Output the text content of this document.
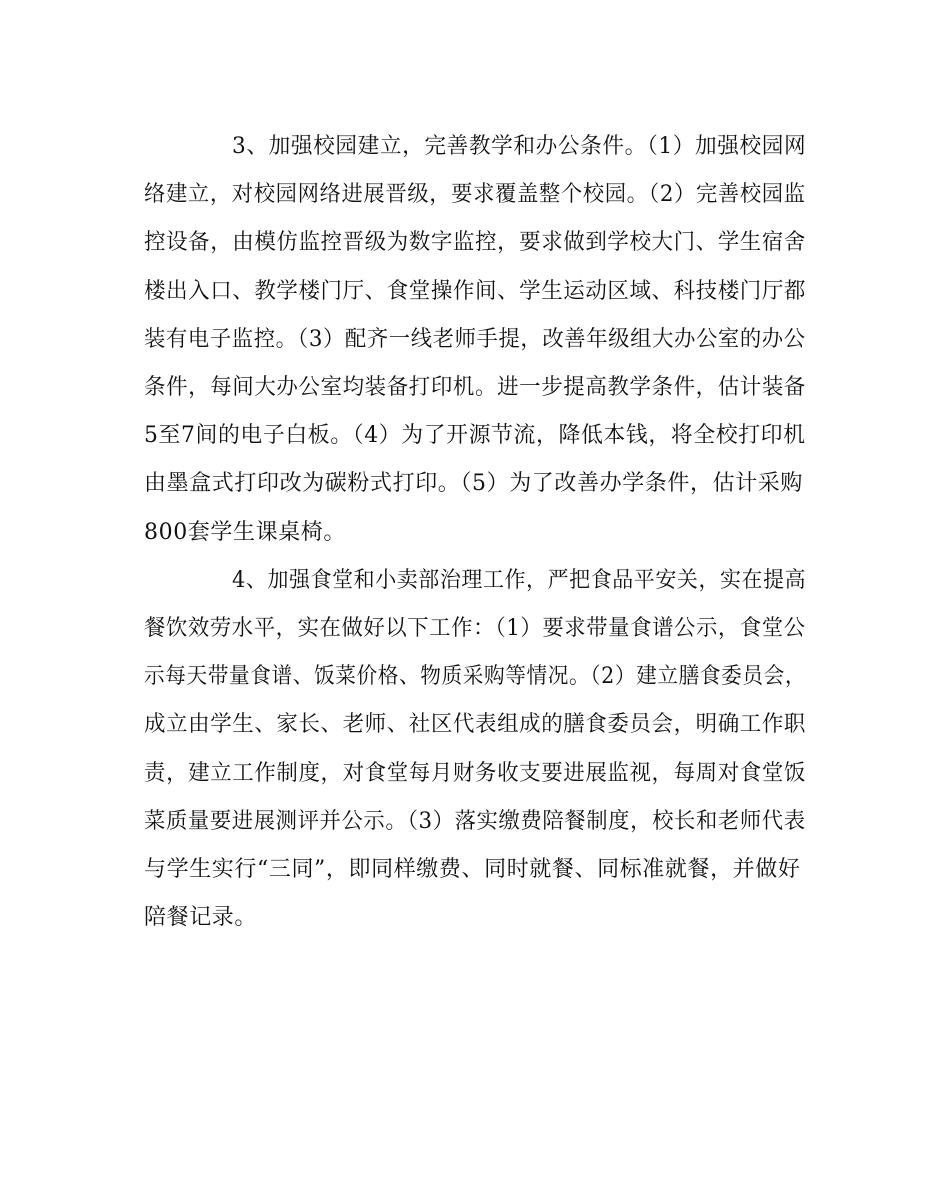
3、加强校园建立，完善教学和办公条件。（1）加强校园网
络建立，对校园网络进展晋级，要求覆盖整个校园。（2）完善校园监
控设备，由模仿监控晋级为数字监控，要求做到学校大门、学生宿舍
楼出入口、教学楼门厅、食堂操作间、学生运动区域、科技楼门厅都
装有电子监控。（3）配齐一线老师手提，改善年级组大办公室的办公
条件，每间大办公室均装备打印机。进一步提高教学条件，估计装备
5至7间的电子白板。（4）为了开源节流，降低本钱，将全校打印机
由墨盒式打印改为碳粉式打印。（5）为了改善办学条件，估计采购
800套学生课桌椅。
4、加强食堂和小卖部治理工作，严把食品平安关，实在提高
餐饮效劳水平，实在做好以下工作：（1）要求带量食谱公示，食堂公
示每天带量食谱、饭菜价格、物质采购等情况。（2）建立膳食委员会，
成立由学生、家长、老师、社区代表组成的膳食委员会，明确工作职
责，建立工作制度，对食堂每月财务收支要进展监视，每周对食堂饭
菜质量要进展测评并公示。（3）落实缴费陪餐制度，校长和老师代表
与学生实行“三同”，即同样缴费、同时就餐、同标准就餐，并做好
陪餐记录。
